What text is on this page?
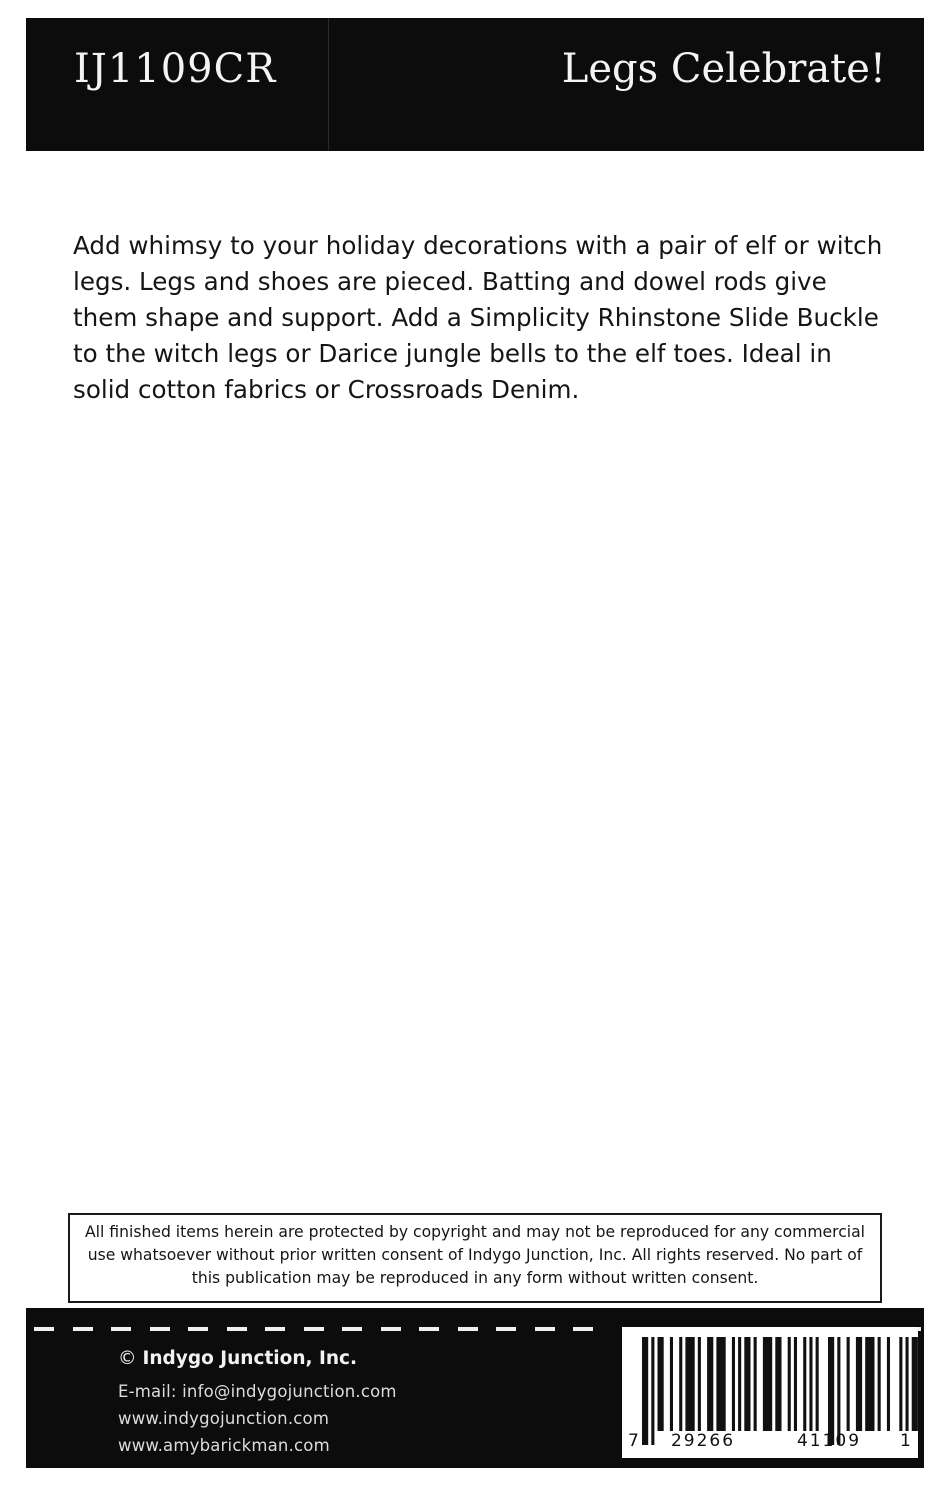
IJ1109CR	Legs Celebrate!

Add whimsy to your holiday decorations with a pair of elf or witch legs. Legs and shoes are pieced. Batting and dowel rods give them shape and support. Add a Simplicity Rhinstone Slide Buckle to the witch legs or Darice jungle bells to the elf toes. Ideal in solid cotton fabrics or Crossroads Denim.

All finished items herein are protected by copyright and may not be reproduced for any commercial use whatsoever without prior written consent of Indygo Junction, Inc. All rights reserved. No part of this publication may be reproduced in any form without written consent.

© Indygo Junction, Inc.
E-mail: info@indygojunction.com
www.indygojunction.com
www.amybarickman.com	7	29266	41109	1
